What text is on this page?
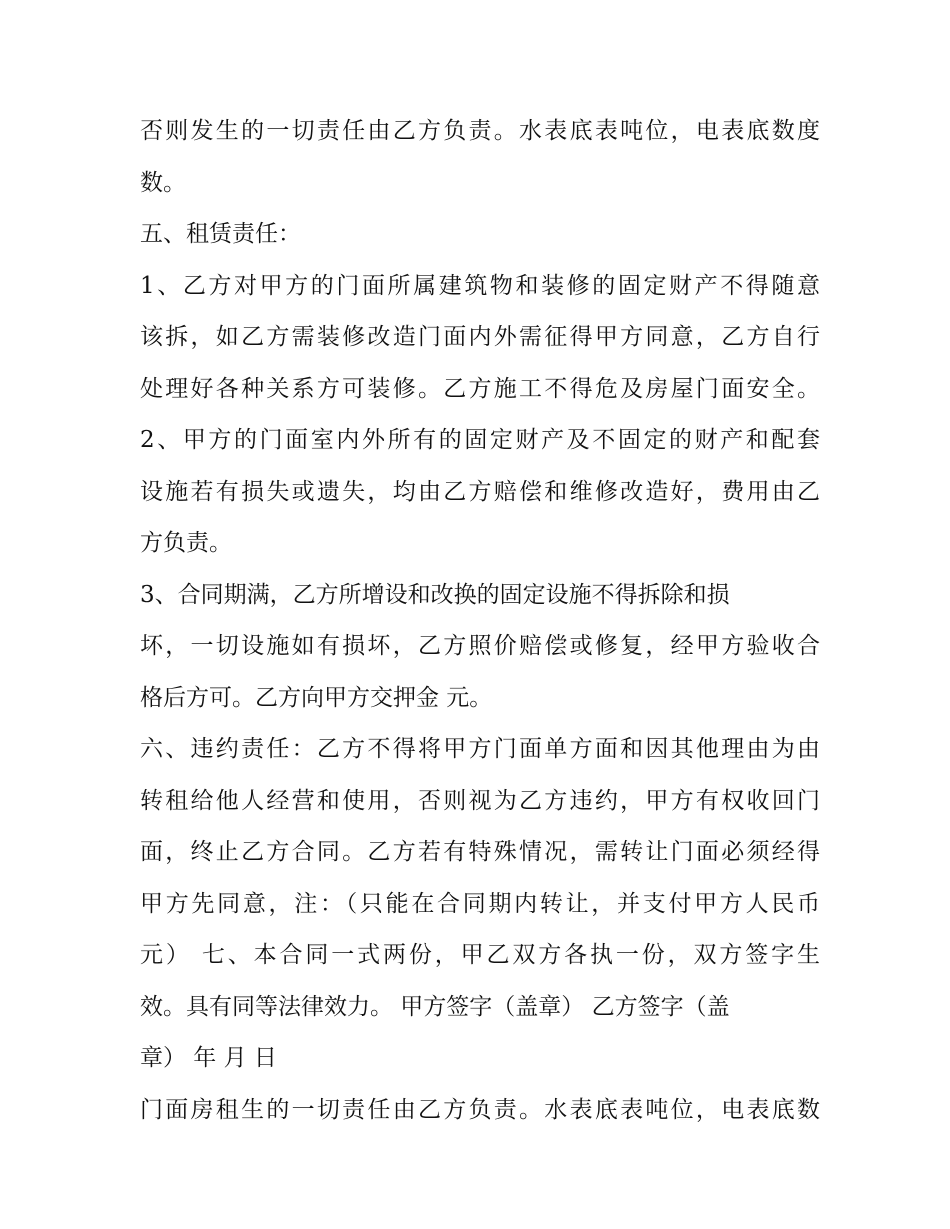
否则发生的一切责任由乙方负责。水表底表吨位，电表底数度
数。
五、租赁责任：
1、乙方对甲方的门面所属建筑物和装修的固定财产不得随意
该拆，如乙方需装修改造门面内外需征得甲方同意，乙方自行
处理好各种关系方可装修。乙方施工不得危及房屋门面安全。
2、甲方的门面室内外所有的固定财产及不固定的财产和配套
设施若有损失或遗失，均由乙方赔偿和维修改造好，费用由乙
方负责。
3、合同期满，乙方所增设和改换的固定设施不得拆除和损
坏，一切设施如有损坏，乙方照价赔偿或修复，经甲方验收合
格后方可。乙方向甲方交押金 元。
六、违约责任：乙方不得将甲方门面单方面和因其他理由为由
转租给他人经营和使用，否则视为乙方违约，甲方有权收回门
面，终止乙方合同。乙方若有特殊情况，需转让门面必须经得
甲方先同意，注：（只能在合同期内转让，并支付甲方人民币
元） 七、本合同一式两份，甲乙双方各执一份，双方签字生
效。具有同等法律效力。 甲方签字（盖章） 乙方签字（盖
章） 年 月 日
门面房租生的一切责任由乙方负责。水表底表吨位，电表底数
